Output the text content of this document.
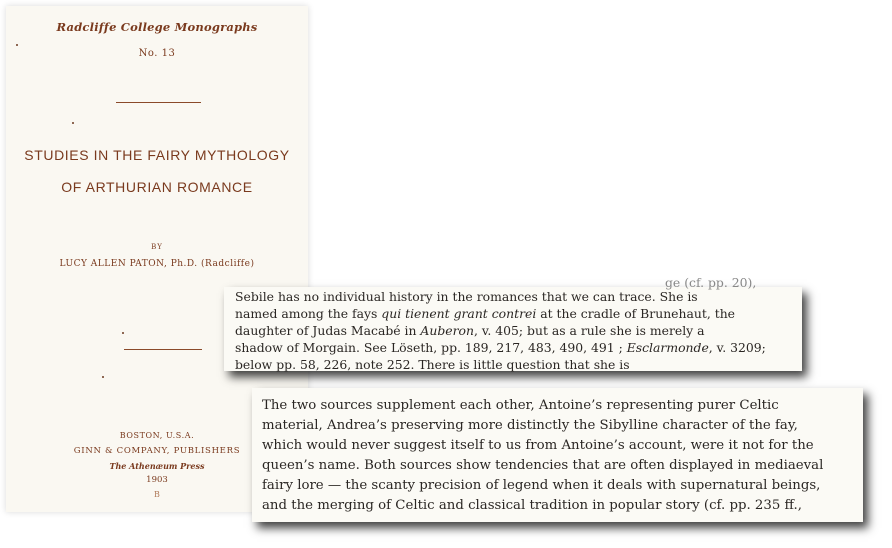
Radcliffe College Monographs
No. 13
STUDIES IN THE FAIRY MYTHOLOGY
OF ARTHURIAN ROMANCE
BY
LUCY ALLEN PATON, Ph.D. (Radcliffe)
BOSTON, U.S.A.
GINN & COMPANY, PUBLISHERS
The Athenæum Press
1903
B
ge (cf. pp. 20),
Sebile has no individual history in the romances that we can trace. She is
named among the fays qui tienent grant contrei at the cradle of Brunehaut, the
daughter of Judas Macabé in Auberon, v. 405; but as a rule she is merely a
shadow of Morgain. See Löseth, pp. 189, 217, 483, 490, 491 ; Esclarmonde, v. 3209;
below pp. 58, 226, note 252. There is little question that she is
The two sources supplement each other, Antoine’s representing purer Celtic
material, Andrea’s preserving more distinctly the Sibylline character of the fay,
which would never suggest itself to us from Antoine’s account, were it not for the
queen’s name. Both sources show tendencies that are often displayed in mediaeval
fairy lore — the scanty precision of legend when it deals with supernatural beings,
and the merging of Celtic and classical tradition in popular story (cf. pp. 235 ff.,
